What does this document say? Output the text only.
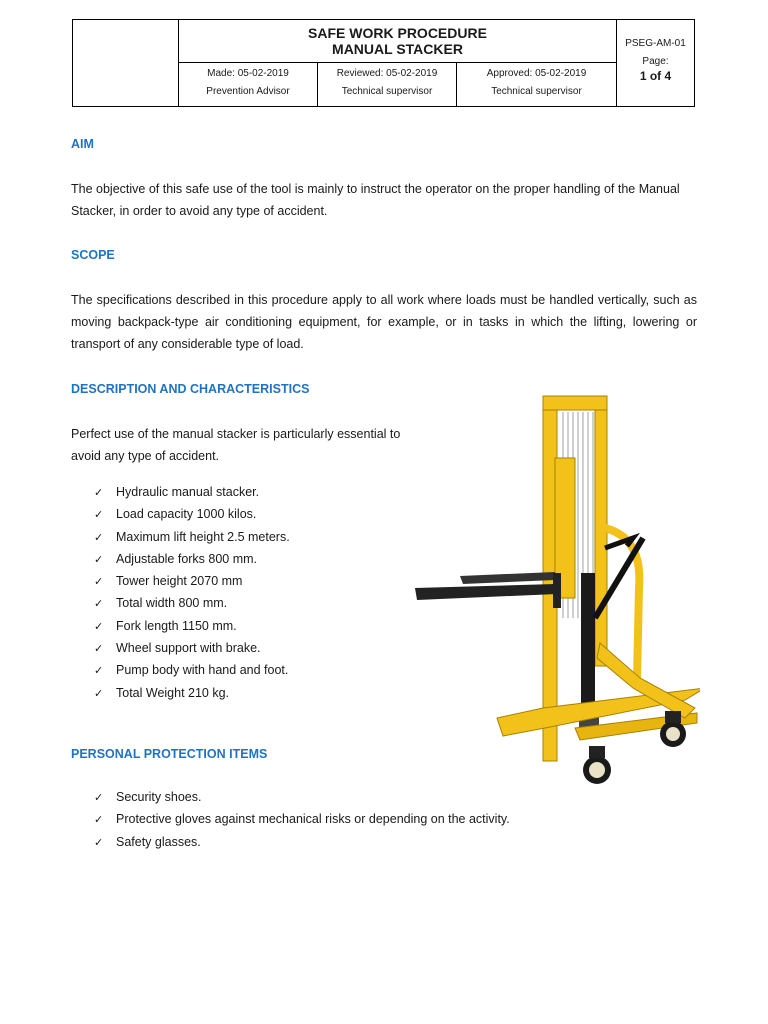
SAFE WORK PROCEDURE
MANUAL STACKER
Made: 05-02-2019
Prevention Advisor
Reviewed: 05-02-2019
Technical supervisor
Approved: 05-02-2019
Technical supervisor
PSEG-AM-01
Page:
1 of 4
AIM
The objective of this safe use of the tool is mainly to instruct the operator on the proper handling of the Manual
Stacker, in order to avoid any type of accident.
SCOPE
The specifications described in this procedure apply to all work where loads must be handled vertically, such as
moving backpack-type air conditioning equipment, for example, or in tasks in which the lifting, lowering or
transport of any considerable type of load.
DESCRIPTION AND CHARACTERISTICS
Perfect use of the manual stacker is particularly essential to
avoid any type of accident.
✓ Hydraulic manual stacker.
✓ Load capacity 1000 kilos.
✓ Maximum lift height 2.5 meters.
✓ Adjustable forks 800 mm.
✓ Tower height 2070 mm
✓ Total width 800 mm.
✓ Fork length 1150 mm.
✓ Wheel support with brake.
✓ Pump body with hand and foot.
✓ Total Weight 210 kg.
PERSONAL PROTECTION ITEMS
✓ Security shoes.
✓ Protective gloves against mechanical risks or depending on the activity.
✓ Safety glasses.
